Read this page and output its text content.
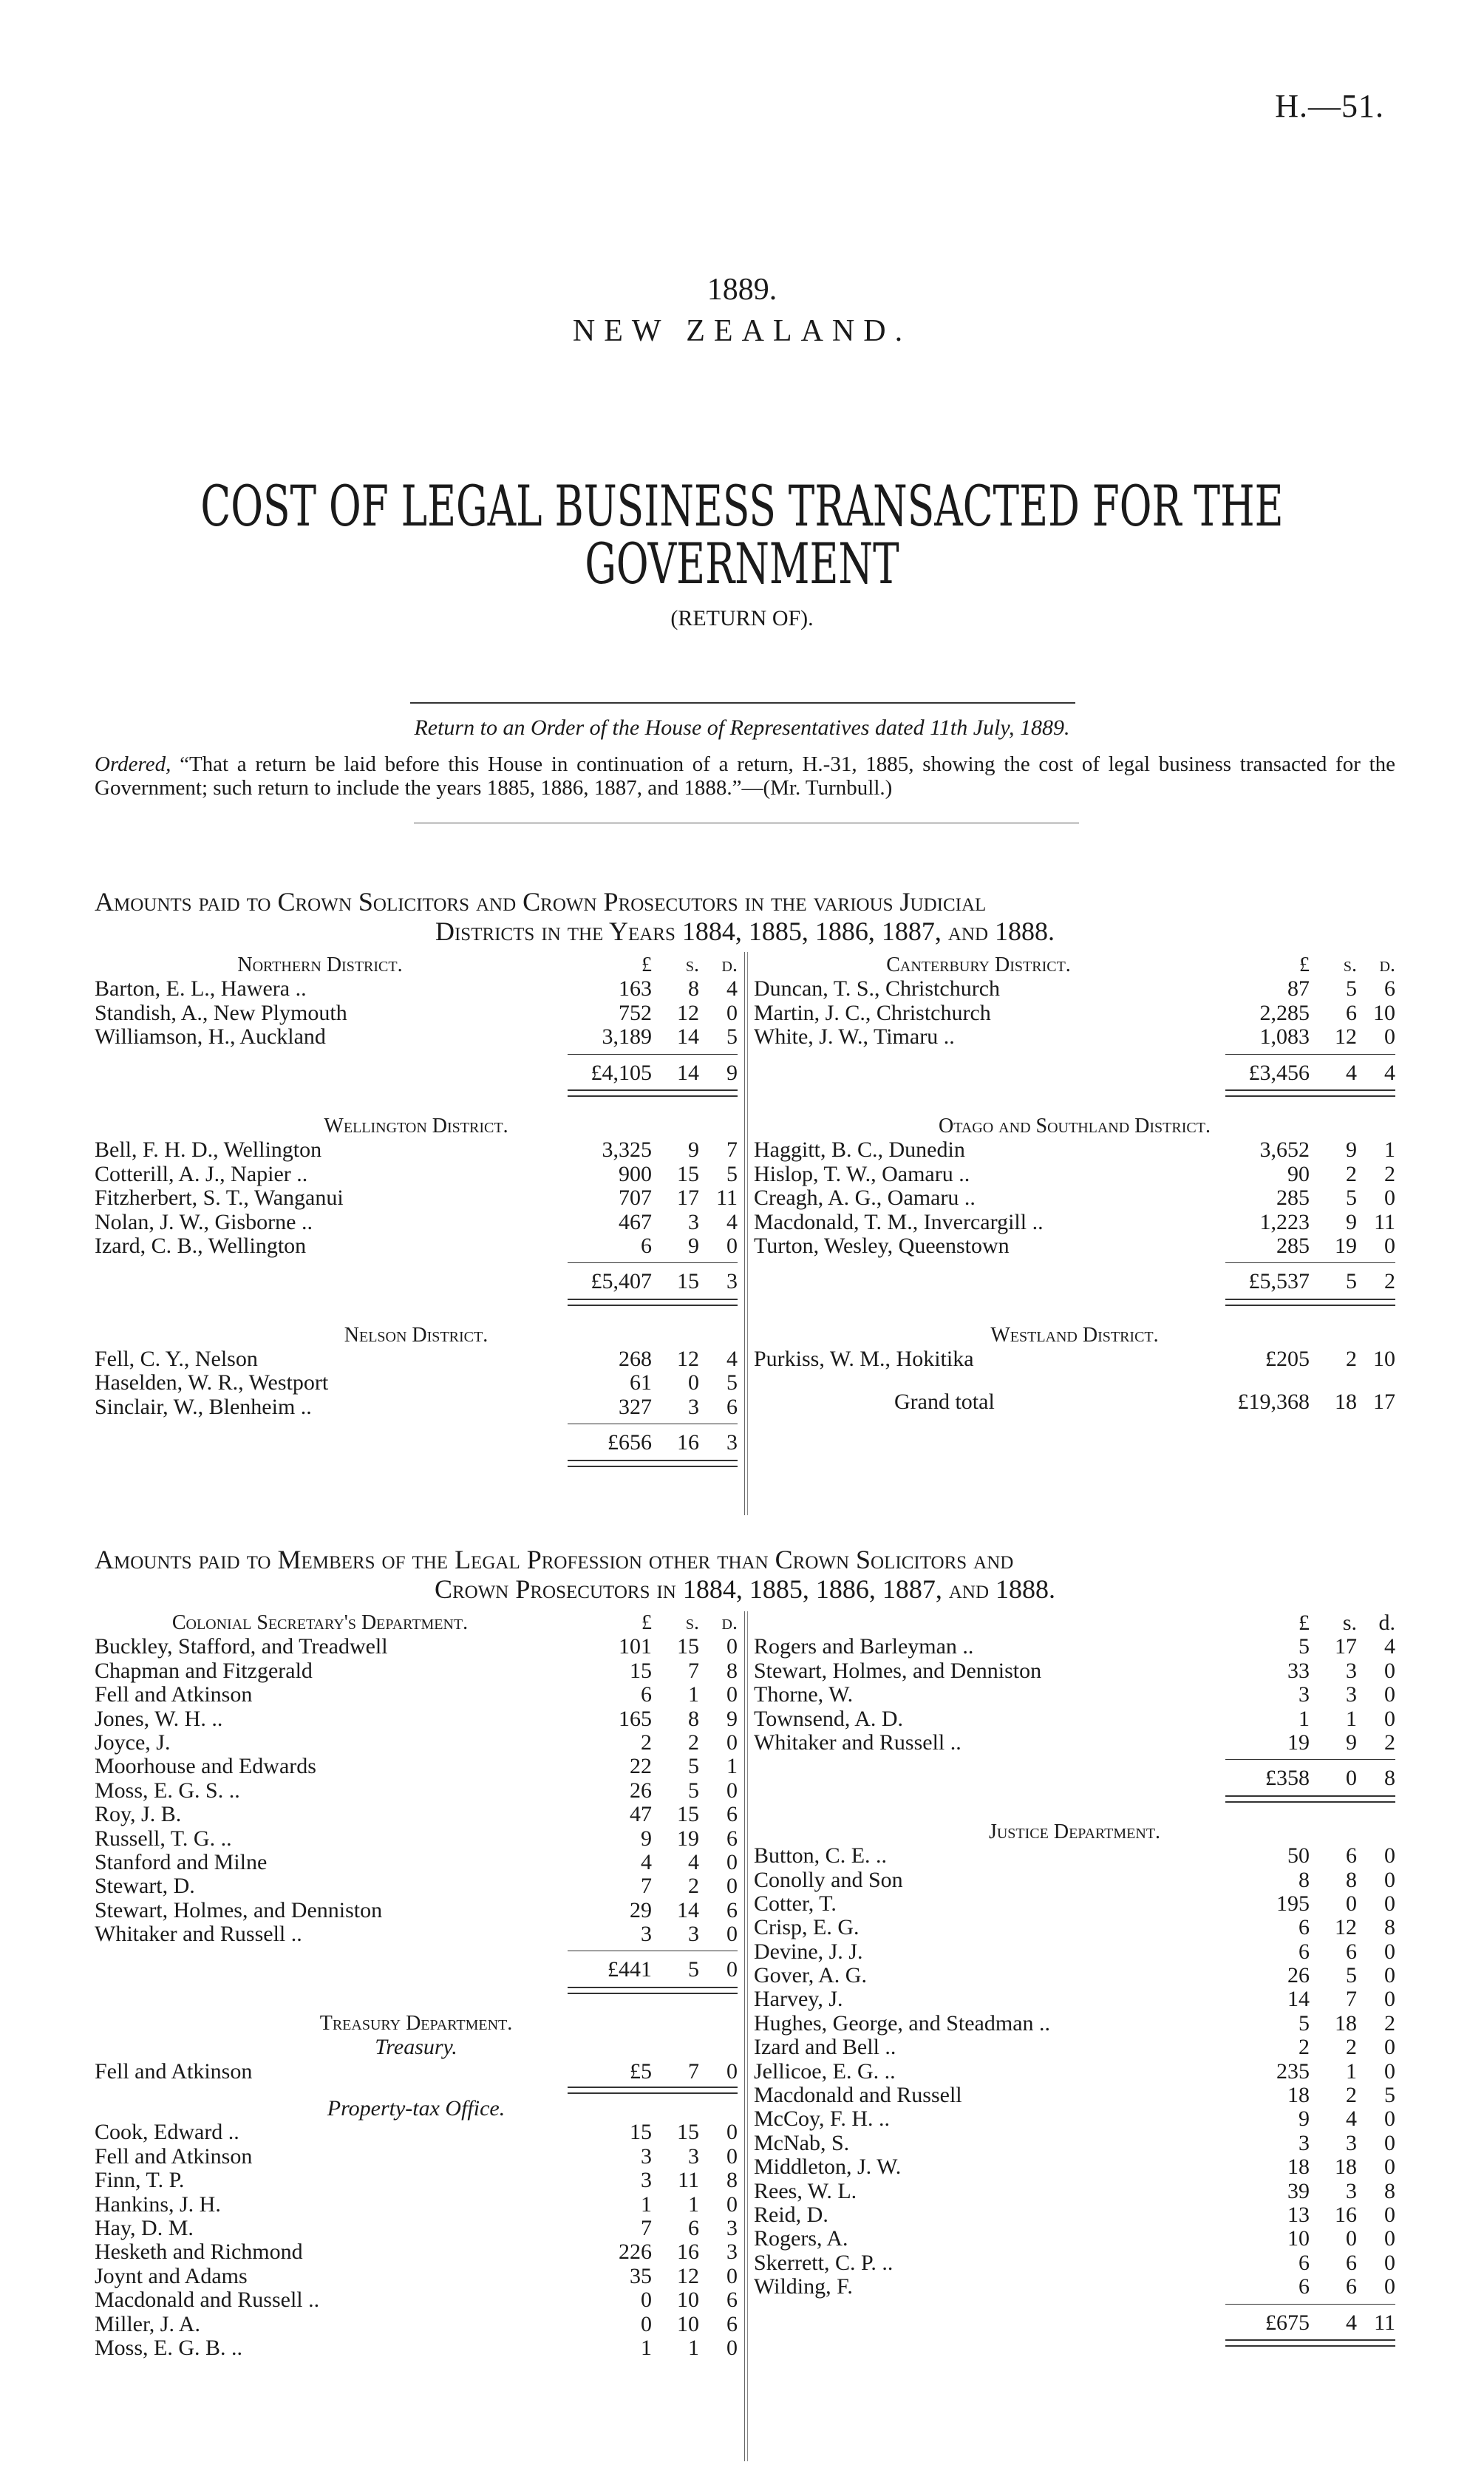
H.—51.
1889.
NEW ZEALAND.
COST OF LEGAL BUSINESS TRANSACTED FOR THE
GOVERNMENT
(RETURN OF).
Return to an Order of the House of Representatives dated 11th July, 1889.
Ordered, “That a return be laid before this House in continuation of a return, H.-31, 1885, showing the cost of legal business transacted for the Government; such return to include the years 1885, 1886, 1887, and 1888.”—(Mr. Turnbull.)
Amounts paid to Crown Solicitors and Crown Prosecutors in the various Judicial
Districts in the Years 1884, 1885, 1886, 1887, and 1888.
Northern District.	£	s.	d.
Barton, E. L., Hawera ..	163	8	4
Standish, A., New Plymouth	752	12	0
Williamson, H., Auckland	3,189	14	5
£4,105	14	9
Wellington District.
Bell, F. H. D., Wellington	3,325	9	7
Cotterill, A. J., Napier ..	900	15	5
Fitzherbert, S. T., Wanganui	707	17 11
Nolan, J. W., Gisborne ..	467	3	4
Izard, C. B., Wellington	6	9	0
£5,407	15	3
Nelson District.
Fell, C. Y., Nelson	268	12	4
Haselden, W. R., Westport	61	0	5
Sinclair, W., Blenheim ..	327	3	6
£656	16	3
Canterbury District.	£	s.	d.
Duncan, T. S., Christchurch	87	5	6
Martin, J. C., Christchurch	2,285	6 10
White, J. W., Timaru ..	1,083	12	0
£3,456	4	4
Otago and Southland District.
Haggitt, B. C., Dunedin	3,652	9	1
Hislop, T. W., Oamaru ..	90	2	2
Creagh, A. G., Oamaru ..	285	5	0
Macdonald, T. M., Invercargill ..	1,223	9 11
Turton, Wesley, Queenstown	285	19	0
£5,537	5	2
Westland District.
Purkiss, W. M., Hokitika	£205	2 10
Grand total	£19,368	18 17
Amounts paid to Members of the Legal Profession other than Crown Solicitors and
Crown Prosecutors in 1884, 1885, 1886, 1887, and 1888.
Colonial Secretary's Department.	£	s.	d.
Buckley, Stafford, and Treadwell	101	15	0
Chapman and Fitzgerald	15	7	8
Fell and Atkinson	6	1	0
Jones, W. H. ..	165	8	9
Joyce, J.	2	2	0
Moorhouse and Edwards	22	5	1
Moss, E. G. S. ..	26	5	0
Roy, J. B.	47	15	6
Russell, T. G. ..	9	19	6
Stanford and Milne	4	4	0
Stewart, D.	7	2	0
Stewart, Holmes, and Denniston	29	14	6
Whitaker and Russell ..	3	3	0
£441	5	0
Treasury Department.
Treasury.
Fell and Atkinson	£5	7	0
Property-tax Office.
Cook, Edward ..	15	15	0
Fell and Atkinson	3	3	0
Finn, T. P.	3	11	8
Hankins, J. H.	1	1	0
Hay, D. M.	7	6	3
Hesketh and Richmond	226	16	3
Joynt and Adams	35	12	0
Macdonald and Russell ..	0	10	6
Miller, J. A.	0	10	6
Moss, E. G. B. ..	1	1	0
£	s. d.
Rogers and Barleyman ..	5	17	4
Stewart, Holmes, and Denniston	33	3	0
Thorne, W.	3	3	0
Townsend, A. D.	1	1	0
Whitaker and Russell ..	19	9	2
£358	0	8
Justice Department.
Button, C. E. ..	50	6	0
Conolly and Son	8	8	0
Cotter, T.	195	0	0
Crisp, E. G.	6	12	8
Devine, J. J.	6	6	0
Gover, A. G.	26	5	0
Harvey, J.	14	7	0
Hughes, George, and Steadman ..	5	18	2
Izard and Bell ..	2	2	0
Jellicoe, E. G. ..	235	1	0
Macdonald and Russell	18	2	5
McCoy, F. H. ..	9	4	0
McNab, S.	3	3	0
Middleton, J. W.	18	18	0
Rees, W. L.	39	3	8
Reid, D.	13	16	0
Rogers, A.	10	0	0
Skerrett, C. P. ..	6	6	0
Wilding, F.	6	6	0
£675	4 11
